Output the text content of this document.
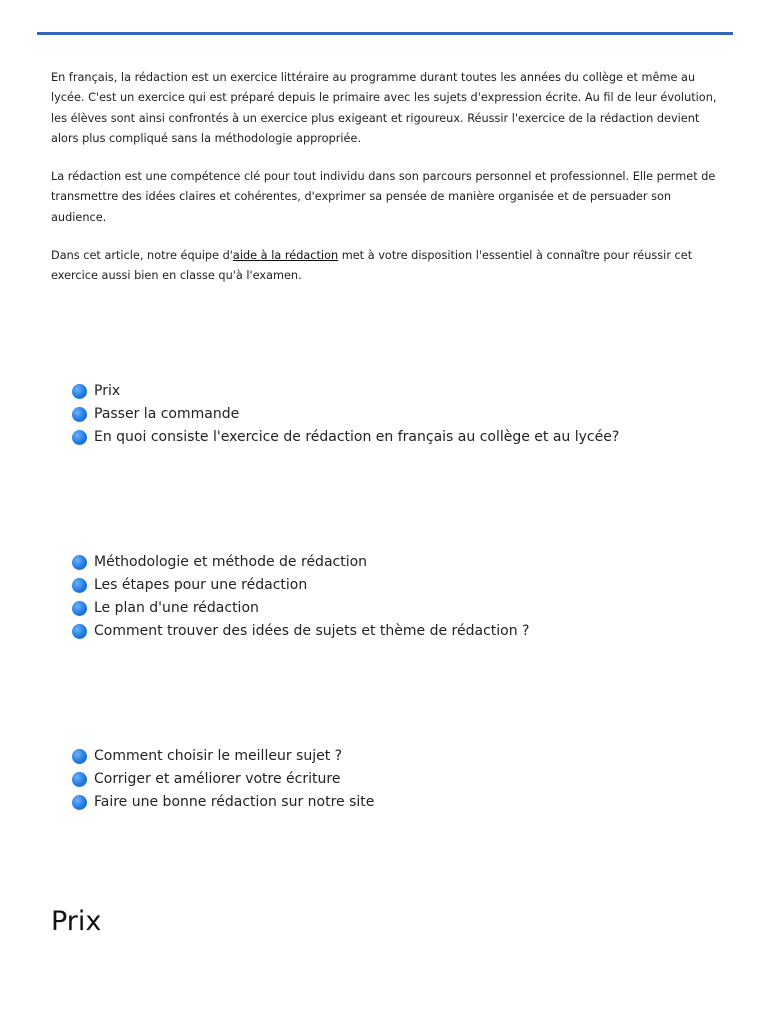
En français, la rédaction est un exercice littéraire au programme durant toutes les années du collège et même au lycée. C'est un exercice qui est préparé depuis le primaire avec les sujets d'expression écrite. Au fil de leur évolution, les élèves sont ainsi confrontés à un exercice plus exigeant et rigoureux. Réussir l'exercice de la rédaction devient alors plus compliqué sans la méthodologie appropriée.

La rédaction est une compétence clé pour tout individu dans son parcours personnel et professionnel. Elle permet de transmettre des idées claires et cohérentes, d'exprimer sa pensée de manière organisée et de persuader son audience.

Dans cet article, notre équipe d'aide à la rédaction met à votre disposition l'essentiel à connaître pour réussir cet exercice aussi bien en classe qu'à l'examen.

Prix
Passer la commande
En quoi consiste l'exercice de rédaction en français au collège et au lycée?
Méthodologie et méthode de rédaction
Les étapes pour une rédaction
Le plan d'une rédaction
Comment trouver des idées de sujets et thème de rédaction ?
Comment choisir le meilleur sujet ?
Corriger et améliorer votre écriture
Faire une bonne rédaction sur notre site
Prix
